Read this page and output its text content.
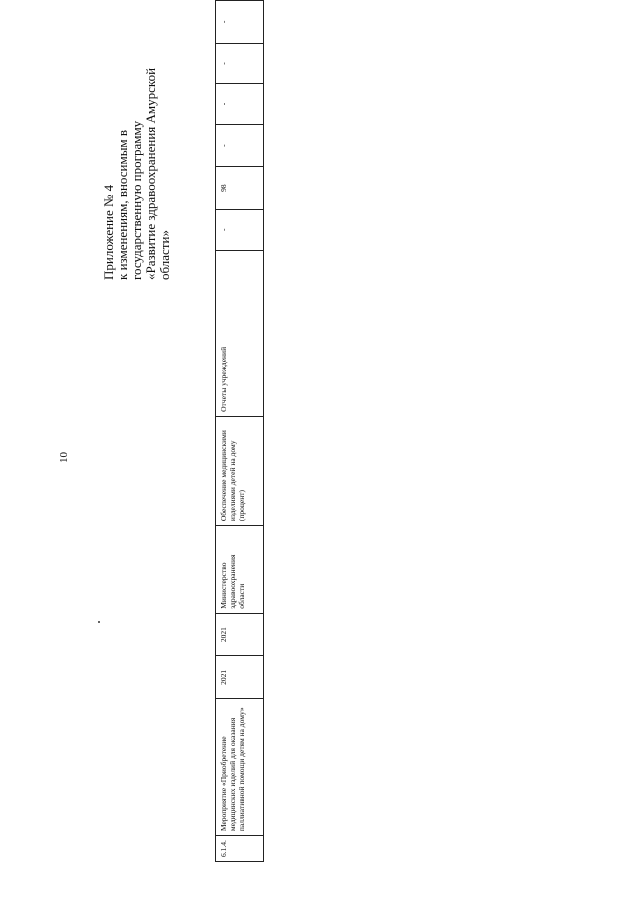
10
Приложение № 4 к изменениям, вносимым в государственную программу «Развитие здравоохранения Амурской области»
6.1.4.	Мероприятие «Приобретение медицинских изделий для оказания паллиативной помощи детям на дому»	2021	2021	Министерство здравоохранения области	Обеспечение медицинскими изделиями детей на дому (процент)	Отчеты учреждений	-	98	-	-	-	-
